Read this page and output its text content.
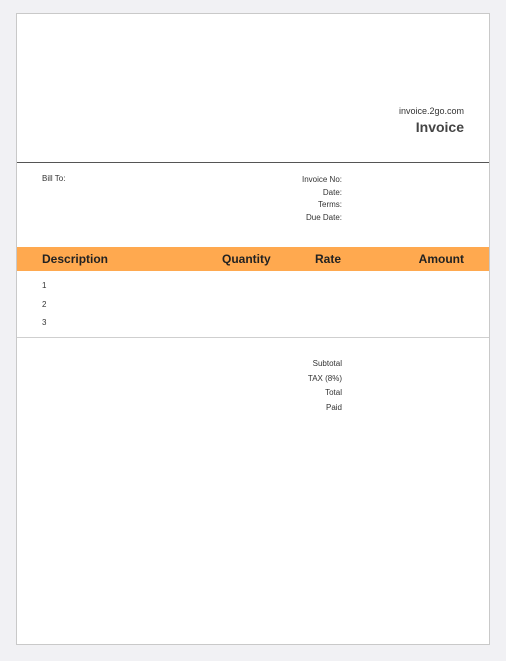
invoice.2go.com
Invoice
Bill To:	Invoice No:
Date:
Terms:
Due Date:
Description	Quantity	Rate	Amount
1
2
3
Subtotal
TAX (8%)
Total
Paid
